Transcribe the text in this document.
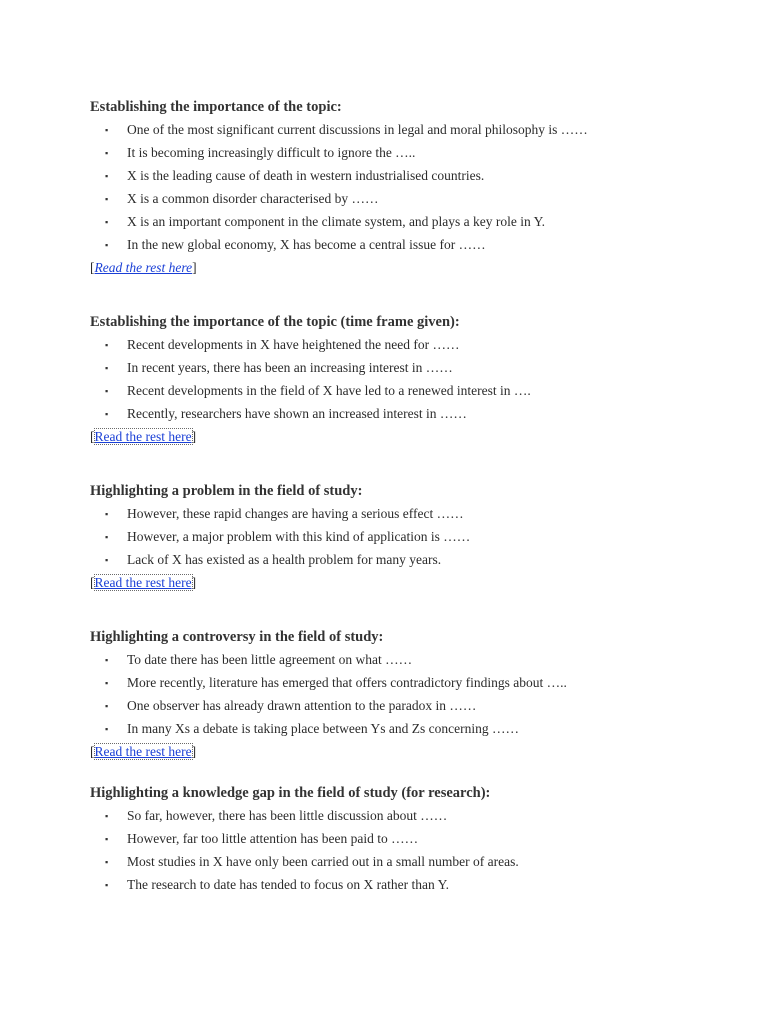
Establishing the importance of the topic:
▪ One of the most significant current discussions in legal and moral philosophy is ……
▪ It is becoming increasingly difficult to ignore the …..
▪ X is the leading cause of death in western industrialised countries.
▪ X is a common disorder characterised by ……
▪ X is an important component in the climate system, and plays a key role in Y.
▪ In the new global economy, X has become a central issue for ……

[Read the rest here]

Establishing the importance of the topic (time frame given):
▪ Recent developments in X have heightened the need for ……
▪ In recent years, there has been an increasing interest in ……
▪ Recent developments in the field of X have led to a renewed interest in ….
▪ Recently, researchers have shown an increased interest in ……

[Read the rest here]

Highlighting a problem in the field of study:
▪ However, these rapid changes are having a serious effect ……
▪ However, a major problem with this kind of application is ……
▪ Lack of X has existed as a health problem for many years.

[Read the rest here]

Highlighting a controversy in the field of study:
▪ To date there has been little agreement on what ……
▪ More recently, literature has emerged that offers contradictory findings about …..
▪ One observer has already drawn attention to the paradox in ……
▪ In many Xs a debate is taking place between Ys and Zs concerning ……

[Read the rest here]

Highlighting a knowledge gap in the field of study (for research):
▪ So far, however, there has been little discussion about ……
▪ However, far too little attention has been paid to ……
▪ Most studies in X have only been carried out in a small number of areas.
▪ The research to date has tended to focus on X rather than Y.
